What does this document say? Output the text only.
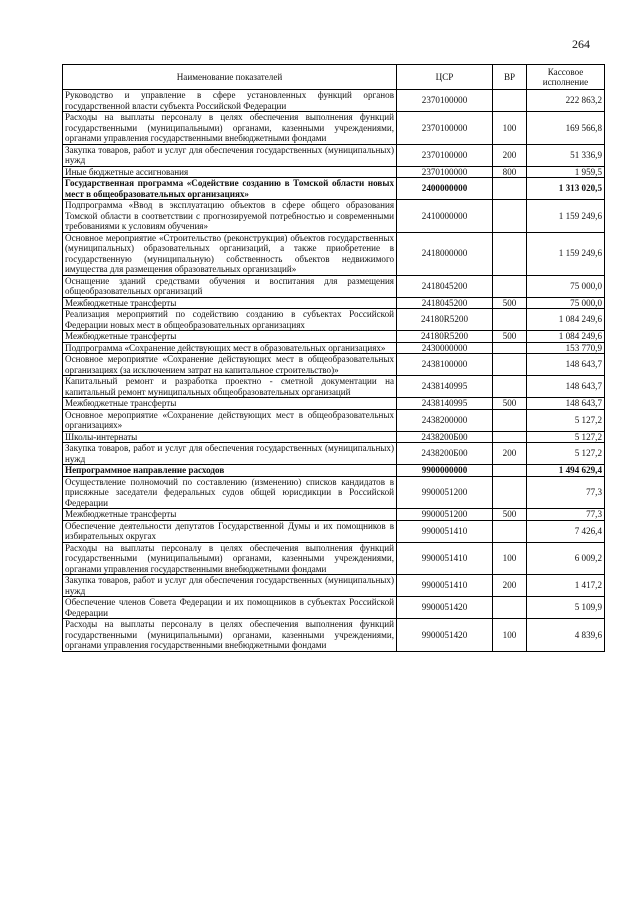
264
Наименование показателей	ЦСР	ВР	Кассовое исполнение
Руководство и управление в сфере установленных функций органов государственной власти субъекта Российской Федерации	2370100000		222 863,2
Расходы на выплаты персоналу в целях обеспечения выполнения функций государственными (муниципальными) органами, казенными учреждениями, органами управления государственными внебюджетными фондами	2370100000	100	169 566,8
Закупка товаров, работ и услуг для обеспечения государственных (муниципальных) нужд	2370100000	200	51 336,9
Иные бюджетные ассигнования	2370100000	800	1 959,5
Государственная программа «Содействие созданию в Томской области новых мест в общеобразовательных организациях»	2400000000		1 313 020,5
Подпрограмма «Ввод в эксплуатацию объектов в сфере общего образования Томской области в соответствии с прогнозируемой потребностью и современными требованиями к условиям обучения»	2410000000		1 159 249,6
Основное мероприятие «Строительство (реконструкция) объектов государственных (муниципальных) образовательных организаций, а также приобретение в государственную (муниципальную) собственность объектов недвижимого имущества для размещения образовательных организаций»	2418000000		1 159 249,6
Оснащение зданий средствами обучения и воспитания для размещения общеобразовательных организаций	2418045200		75 000,0
Межбюджетные трансферты	2418045200	500	75 000,0
Реализация мероприятий по содействию созданию в субъектах Российской Федерации новых мест в общеобразовательных организациях	24180R5200		1 084 249,6
Межбюджетные трансферты	24180R5200	500	1 084 249,6
Подпрограмма «Сохранение действующих мест в образовательных организациях»	2430000000		153 770,9
Основное мероприятие «Сохранение действующих мест в общеобразовательных организациях (за исключением затрат на капитальное строительство)»	2438100000		148 643,7
Капитальный ремонт и разработка проектно - сметной документации на капитальный ремонт муниципальных общеобразовательных организаций	2438140995		148 643,7
Межбюджетные трансферты	2438140995	500	148 643,7
Основное мероприятие «Сохранение действующих мест в общеобразовательных организациях»	2438200000		5 127,2
Школы-интернаты	2438200Б00		5 127,2
Закупка товаров, работ и услуг для обеспечения государственных (муниципальных) нужд	2438200Б00	200	5 127,2
Непрограммное направление расходов	9900000000		1 494 629,4
Осуществление полномочий по составлению (изменению) списков кандидатов в присяжные заседатели федеральных судов общей юрисдикции в Российской Федерации	9900051200		77,3
Межбюджетные трансферты	9900051200	500	77,3
Обеспечение деятельности депутатов Государственной Думы и их помощников в избирательных округах	9900051410		7 426,4
Расходы на выплаты персоналу в целях обеспечения выполнения функций государственными (муниципальными) органами, казенными учреждениями, органами управления государственными внебюджетными фондами	9900051410	100	6 009,2
Закупка товаров, работ и услуг для обеспечения государственных (муниципальных) нужд	9900051410	200	1 417,2
Обеспечение членов Совета Федерации и их помощников в субъектах Российской Федерации	9900051420		5 109,9
Расходы на выплаты персоналу в целях обеспечения выполнения функций государственными (муниципальными) органами, казенными учреждениями, органами управления государственными внебюджетными фондами	9900051420	100	4 839,6
